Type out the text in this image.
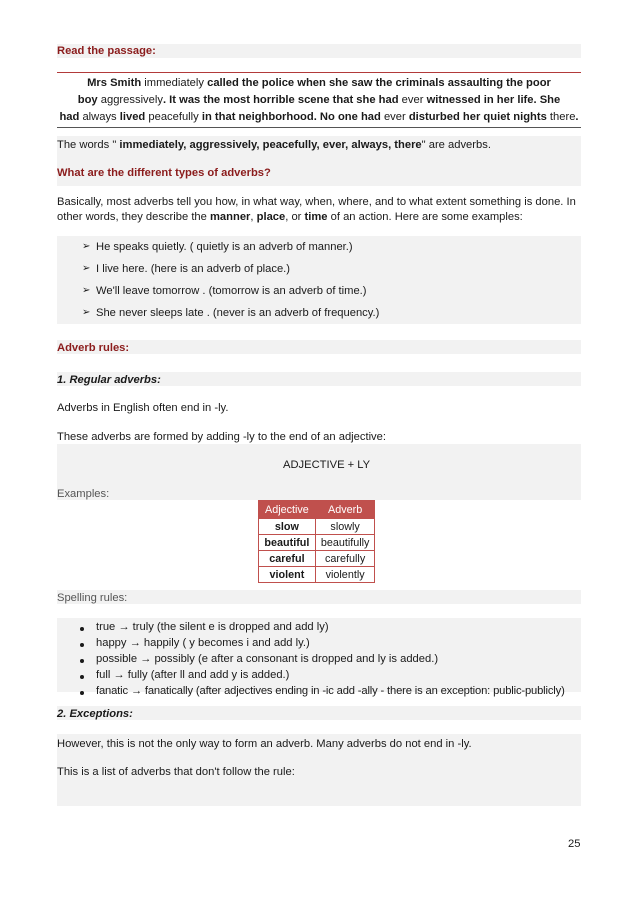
Read the passage:
Mrs Smith immediately called the police when she saw the criminals assaulting the poor
boy aggressively. It was the most horrible scene that she had ever witnessed in her life. She
had always lived peacefully in that neighborhood. No one had ever disturbed her quiet nights there.
The words " immediately, aggressively, peacefully, ever, always, there" are adverbs.
What are the different types of adverbs?
Basically, most adverbs tell you how, in what way, when, where, and to what extent something is done. In
other words, they describe the manner, place, or time of an action. Here are some examples:
➢ He speaks quietly. ( quietly is an adverb of manner.)
➢ I live here. (here is an adverb of place.)
➢ We'll leave tomorrow . (tomorrow is an adverb of time.)
➢ She never sleeps late . (never is an adverb of frequency.)
Adverb rules:
1. Regular adverbs:
Adverbs in English often end in -ly.
These adverbs are formed by adding -ly to the end of an adjective:
ADJECTIVE + LY
Examples:
Adjective	Adverb
slow	slowly
beautiful	beautifully
careful	carefully
violent	violently
Spelling rules:
true → truly (the silent e is dropped and add ly)
happy → happily ( y becomes i and add ly.)
possible → possibly (e after a consonant is dropped and ly is added.)
full → fully (after ll and add y is added.)
fanatic → fanatically (after adjectives ending in -ic add -ally - there is an exception: public-publicly)
2. Exceptions:
However, this is not the only way to form an adverb. Many adverbs do not end in -ly.
This is a list of adverbs that don't follow the rule:
25
